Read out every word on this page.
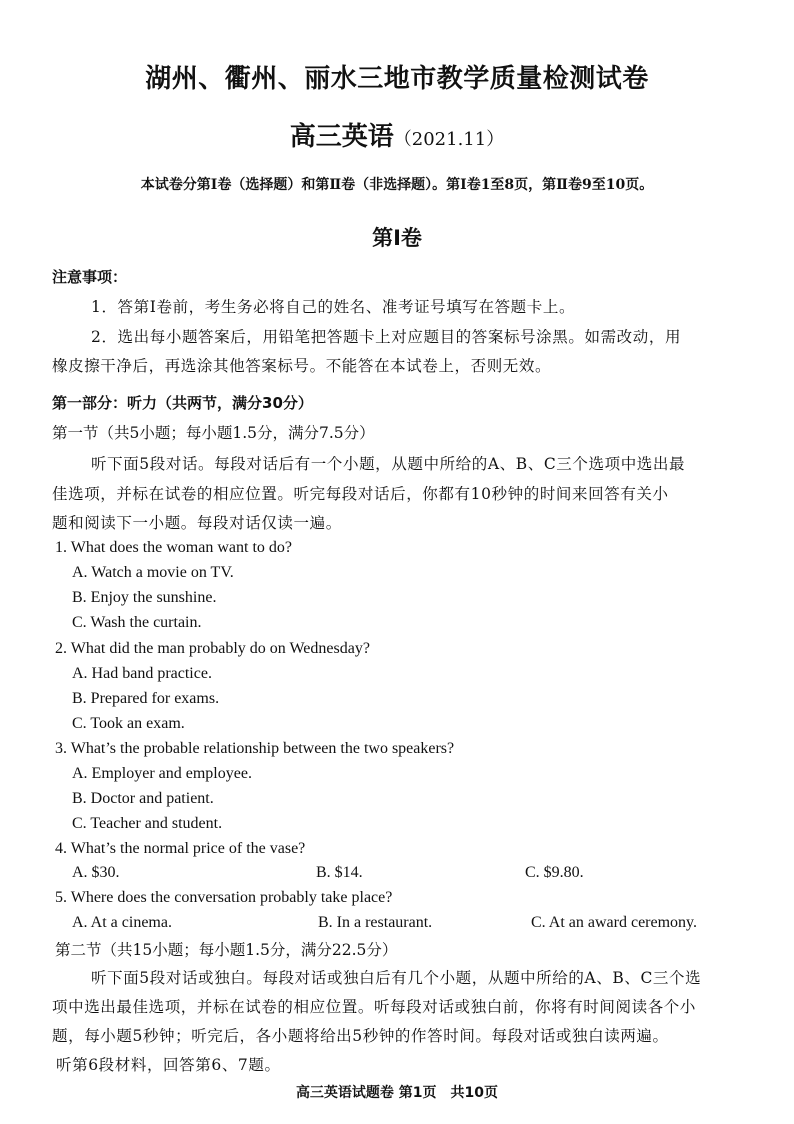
湖州、衢州、丽水三地市教学质量检测试卷
高三英语（2021.11）
本试卷分第Ⅰ卷（选择题）和第Ⅱ卷（非选择题）。第Ⅰ卷1至8页，第Ⅱ卷9至10页。
第Ⅰ卷
注意事项：
1．答第Ⅰ卷前，考生务必将自己的姓名、准考证号填写在答题卡上。
2．选出每小题答案后，用铅笔把答题卡上对应题目的答案标号涂黑。如需改动，用
橡皮擦干净后，再选涂其他答案标号。不能答在本试卷上，否则无效。
第一部分：听力（共两节，满分30分）
第一节（共5小题；每小题1.5分，满分7.5分）
听下面5段对话。每段对话后有一个小题，从题中所给的A、B、C三个选项中选出最
佳选项，并标在试卷的相应位置。听完每段对话后，你都有10秒钟的时间来回答有关小
题和阅读下一小题。每段对话仅读一遍。
1. What does the woman want to do?
A. Watch a movie on TV.
B. Enjoy the sunshine.
C. Wash the curtain.
2. What did the man probably do on Wednesday?
A. Had band practice.
B. Prepared for exams.
C. Took an exam.
3. What’s the probable relationship between the two speakers?
A. Employer and employee.
B. Doctor and patient.
C. Teacher and student.
4. What’s the normal price of the vase?
A. $30.	B. $14.	C. $9.80.
5. Where does the conversation probably take place?
A. At a cinema.	B. In a restaurant.	C. At an award ceremony.
第二节（共15小题；每小题1.5分，满分22.5分）
听下面5段对话或独白。每段对话或独白后有几个小题，从题中所给的A、B、C三个选
项中选出最佳选项，并标在试卷的相应位置。听每段对话或独白前，你将有时间阅读各个小
题，每小题5秒钟；听完后，各小题将给出5秒钟的作答时间。每段对话或独白读两遍。
听第6段材料，回答第6、7题。
高三英语试题卷 第1页　共10页
